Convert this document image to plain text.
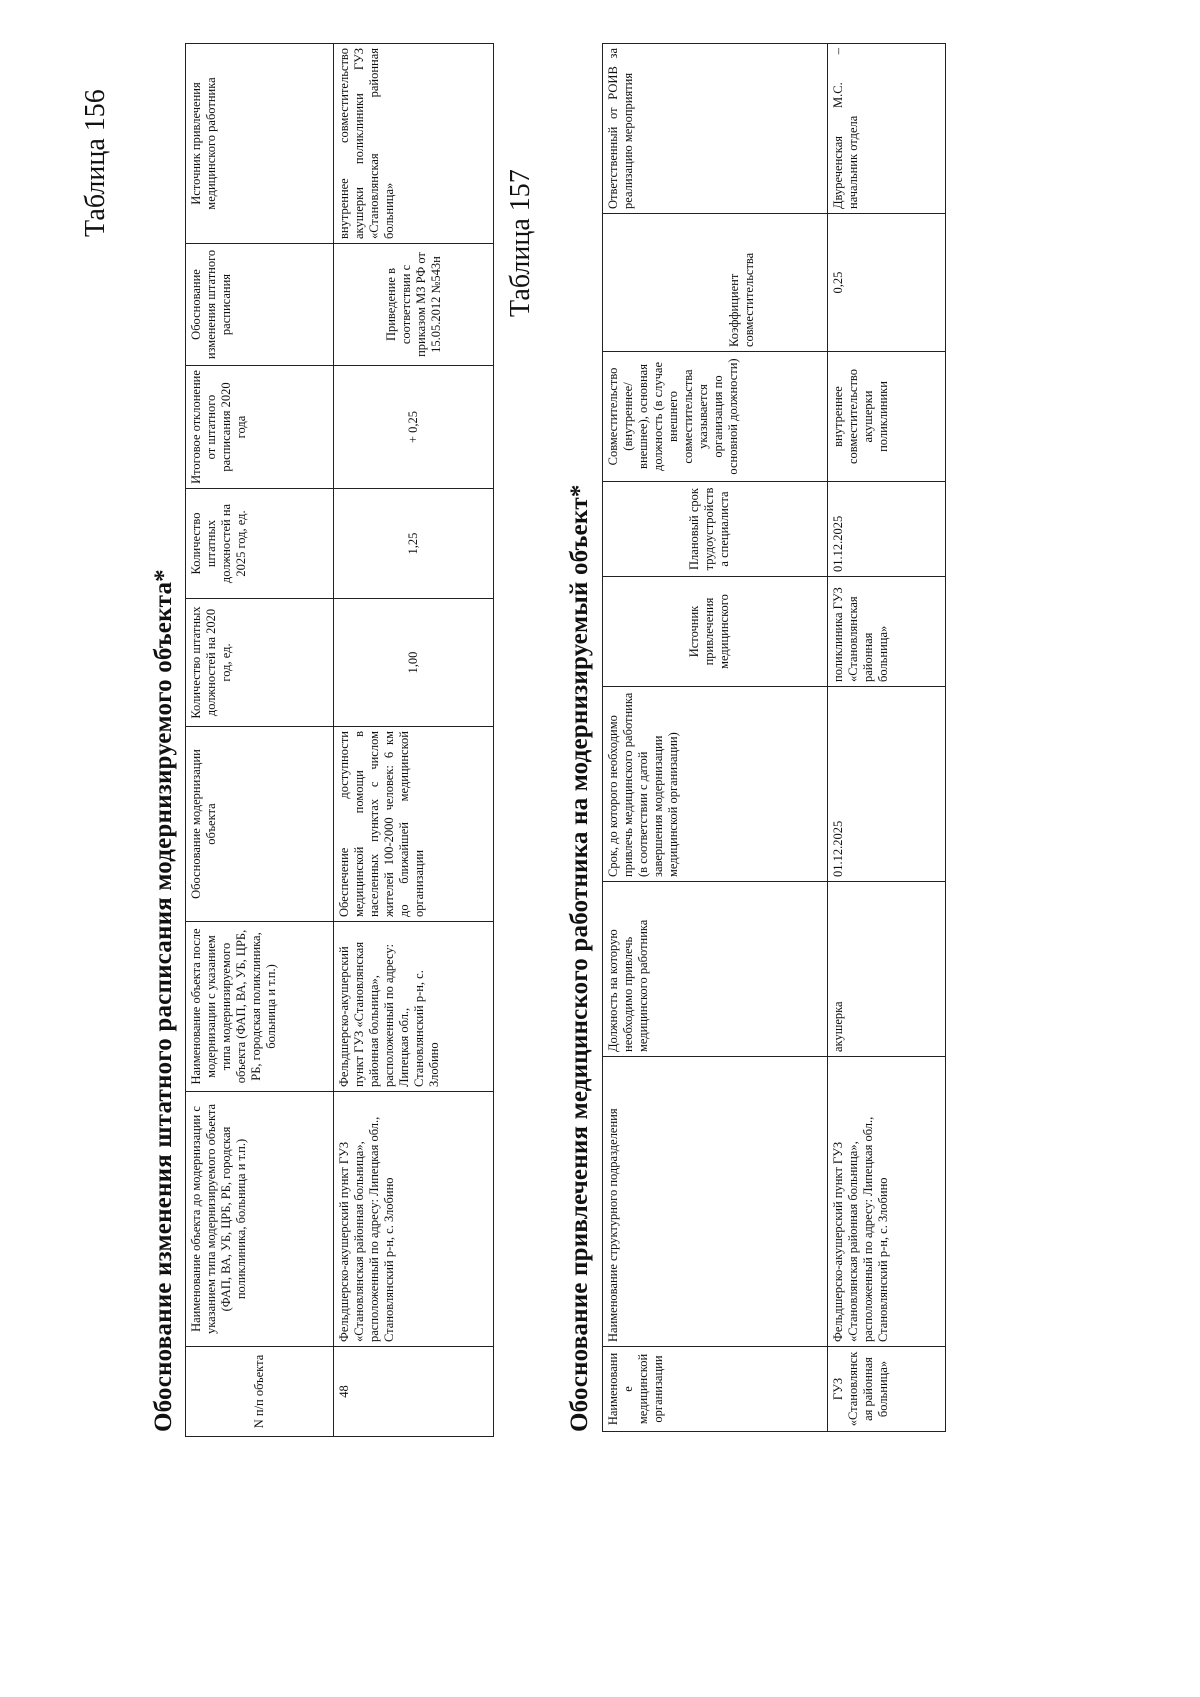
Таблица 156
Обоснование изменения штатного расписания модернизируемого объекта*	N п/п объекта	Наименование объекта до модернизации с указанием типа модернизируемого объекта (ФАП, ВА, УБ, ЦРБ, РБ, городская поликлиника, больница и т.п.)	Наименование объекта после модернизации с указанием типа модернизируемого объекта (ФАП, ВА, УБ, ЦРБ, РБ, городская поликлиника, больница и т.п.)	Обоснование модернизации объекта	Количество штатных должностей на 2020 год, ед.	Количество штатных должностей на 2025 год, ед.	Итоговое отклонение от штатного расписания 2020 года	Обоснование изменения штатного расписания	Источник привлечения медицинского работника
48	Фельдшерско-акушерский пункт ГУЗ «Становлянская районная больница», расположенный по адресу: Липецкая обл., Становлянский р-н, с. Злобино	Фельдшерско-акушерский пункт ГУЗ «Становлянская районная больница», расположенный по адресу: Липецкая обл., Становлянский р-н, с. Злобино	Обеспечение доступности медицинской помощи в населенных пунктах с числом жителей 100-2000 человек: 6 км до ближайшей медицинской организации	1,00	1,25	+ 0,25	Приведение в соответствии с приказом МЗ РФ от 15.05.2012 №543н	внутреннее совместительство акушерки поликлиники ГУЗ «Становлянская районная больница»	Таблица 157
Обоснование привлечения медицинского работника на модернизируемый объект* Наименование медицинской организации	Наименование структурного подразделения	Должность на которую необходимо привлечь медицинского работника	Срок, до которого необходимо привлечь медицинского работника (в соответствии с датой завершения модернизации медицинской организации)	Источник привлечения медицинского	Плановый срок трудоустройства специалиста	Совместительство (внутреннее/внешнее), основная должность (в случае внешнего совместительства указывается организация по основной должности)	Коэффициент совместительства	Ответственный от РОИВ за реализацию мероприятия
ГУЗ «Становлянская районная больница»	Фельдшерско-акушерский пункт ГУЗ «Становлянская районная больница», расположенный по адресу: Липецкая обл., Становлянский р-н, с. Злобино	акушерка	01.12.2025	поликлиника ГУЗ «Становлянская районная больница»	01.12.2025	внутреннее совместительство акушерки поликлиники	0,25	Двуреченская М.С. – начальник отдела
